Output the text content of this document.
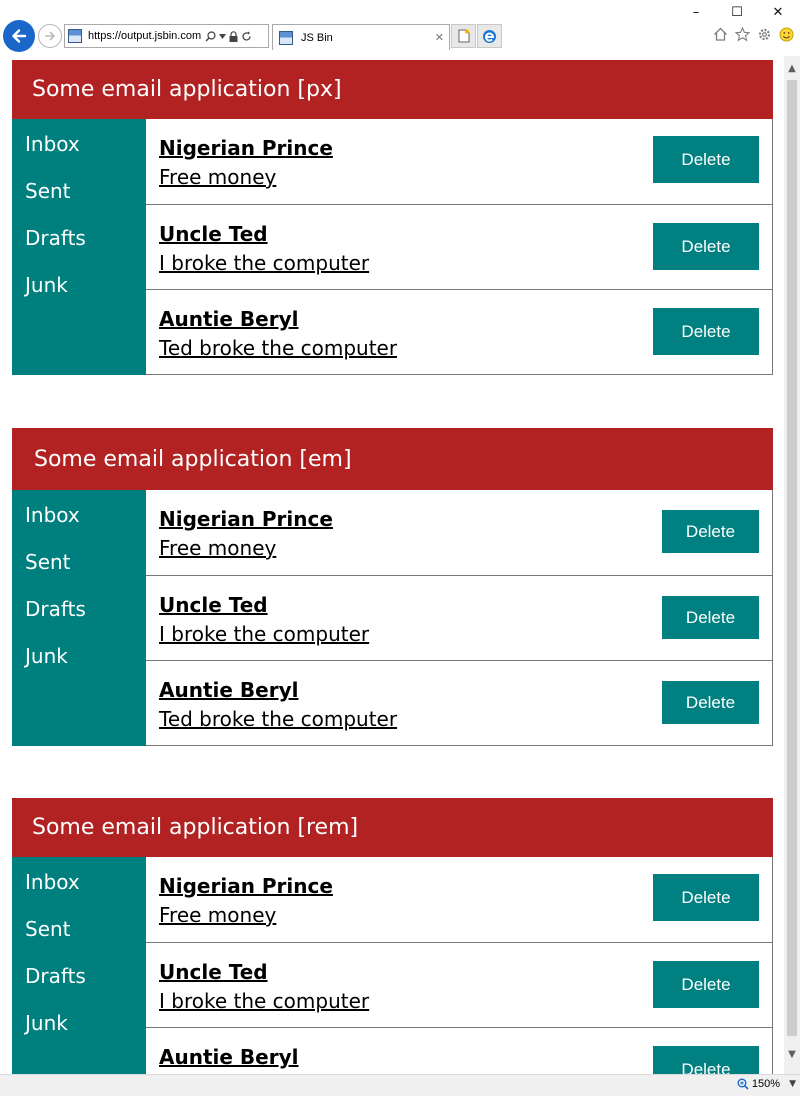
–	☐	✕
https://output.jsbin.com	JS Bin	✕
Some email application [px]
Inbox
Sent
Drafts
Junk
Nigerian Prince
Free money
Delete
Uncle Ted
I broke the computer
Delete
Auntie Beryl
Ted broke the computer
Delete
Some email application [em]
Inbox
Sent
Drafts
Junk
Nigerian Prince
Free money
Delete
Uncle Ted
I broke the computer
Delete
Auntie Beryl
Ted broke the computer
Delete
Some email application [rem]
Inbox
Sent
Drafts
Junk
Nigerian Prince
Free money
Delete
Uncle Ted
I broke the computer
Delete
Auntie Beryl	Delete
▲
▼
150% ▼
